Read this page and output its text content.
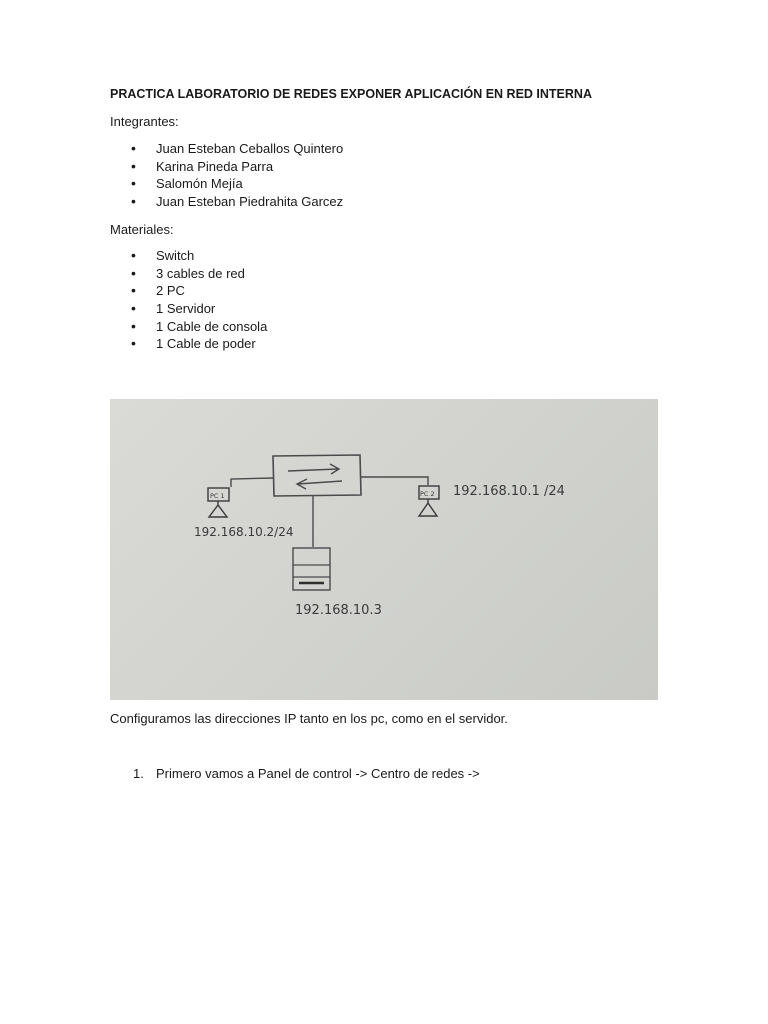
PRACTICA LABORATORIO DE REDES EXPONER APLICACIÓN EN RED INTERNA
Integrantes:
• Juan Esteban Ceballos Quintero
• Karina Pineda Parra
• Salomón Mejía
• Juan Esteban Piedrahita Garcez
Materiales:
• Switch
• 3 cables de red
• 2 PC
• 1 Servidor
• 1 Cable de consola
• 1 Cable de poder
PC 1	PC 2
192.168.10.2/24
192.168.10.1 /24
192.168.10.3
Configuramos las direcciones IP tanto en los pc, como en el servidor.
1. Primero vamos a Panel de control -> Centro de redes ->
